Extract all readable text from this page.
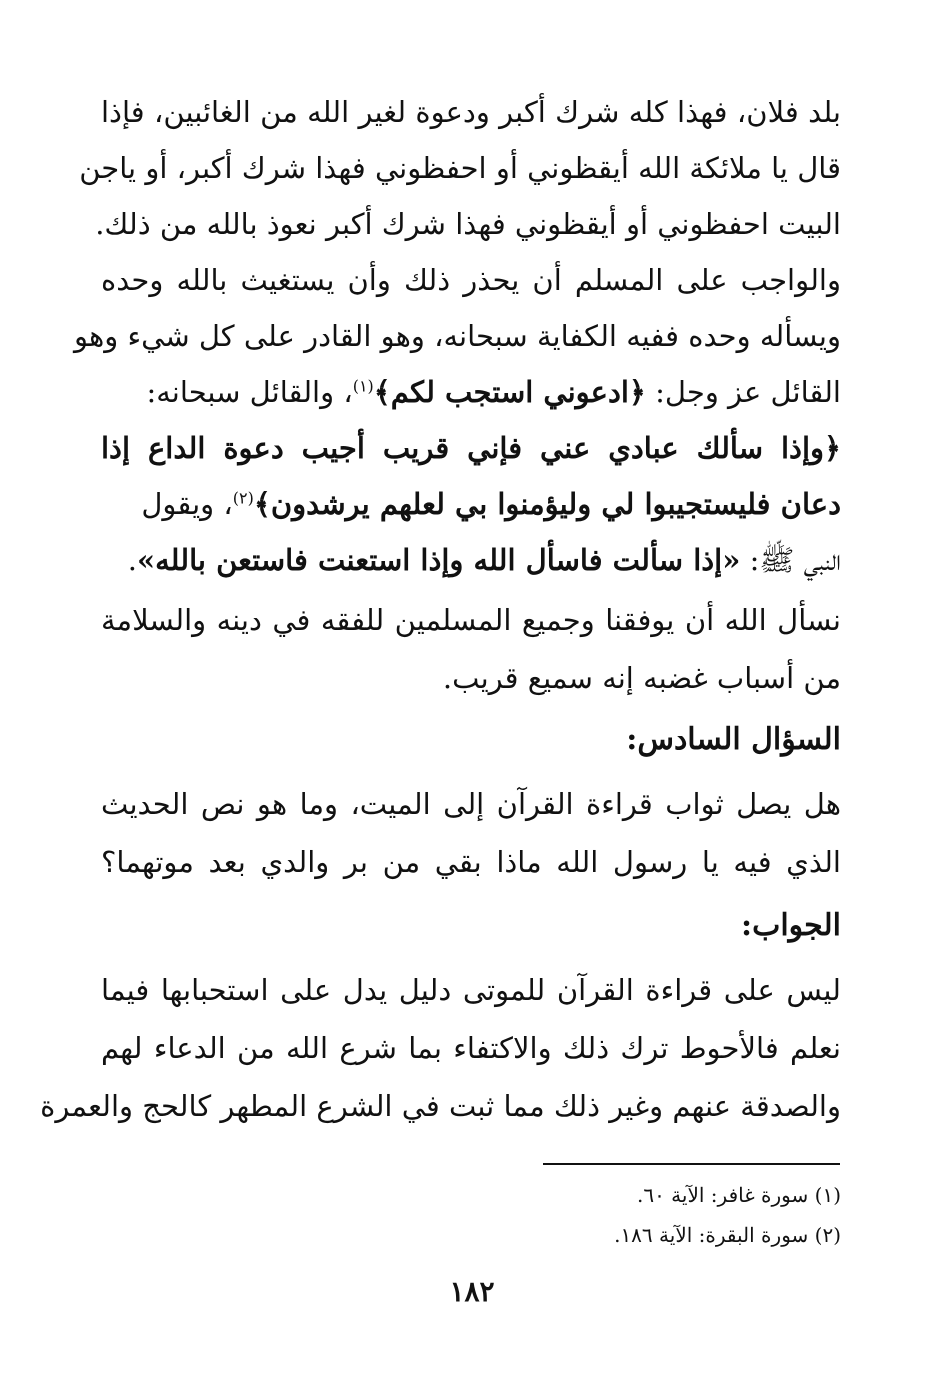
بلد فلان، فهذا كله شرك أكبر ودعوة لغير الله من الغائبين، فإذا
قال يا ملائكة الله أيقظوني أو احفظوني فهذا شرك أكبر، أو ياجن
البيت احفظوني أو أيقظوني فهذا شرك أكبر نعوذ بالله من ذلك.
والواجب على المسلم أن يحذر ذلك وأن يستغيث بالله وحده
ويسأله وحده ففيه الكفاية سبحانه، وهو القادر على كل شيء وهو
القائل عز وجل: ﴿ادعوني استجب لكم﴾$^{(١)}$، والقائل سبحانه:
﴿وإذا سألك عبادي عني فإني قريب أجيب دعوة الداع إذا
دعان فليستجيبوا لي وليؤمنوا بي لعلهم يرشدون﴾$^{(٢)}$، ويقول
النبي ﷺ: «إذا سألت فاسأل الله وإذا استعنت فاستعن بالله».
نسأل الله أن يوفقنا وجميع المسلمين للفقه في دينه والسلامة
من أسباب غضبه إنه سميع قريب.
السؤال السادس:
هل يصل ثواب قراءة القرآن إلى الميت، وما هو نص الحديث
الذي فيه يا رسول الله ماذا بقي من بر والدي بعد موتهما؟
الجواب:
ليس على قراءة القرآن للموتى دليل يدل على استحبابها فيما
نعلم فالأحوط ترك ذلك والاكتفاء بما شرع الله من الدعاء لهم
والصدقة عنهم وغير ذلك مما ثبت في الشرع المطهر كالحج والعمرة
(١) سورة غافر: الآية ٦٠.
(٢) سورة البقرة: الآية ١٨٦.
١٨٢
